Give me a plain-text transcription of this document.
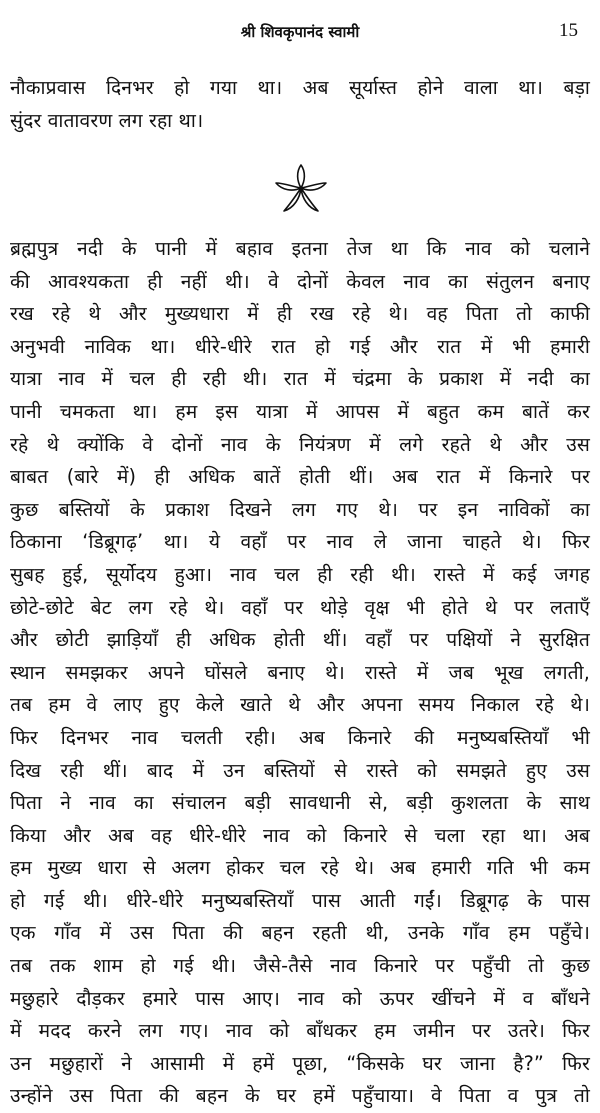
श्री शिवकृपानंद स्वामी	15
नौकाप्रवास दिनभर हो गया था। अब सूर्यास्त होने वाला था। बड़ा
सुंदर वातावरण लग रहा था।
ब्रह्मपुत्र नदी के पानी में बहाव इतना तेज था कि नाव को चलाने
की आवश्यकता ही नहीं थी। वे दोनों केवल नाव का संतुलन बनाए
रख रहे थे और मुख्यधारा में ही रख रहे थे। वह पिता तो काफी
अनुभवी नाविक था। धीरे-धीरे रात हो गई और रात में भी हमारी
यात्रा नाव में चल ही रही थी। रात में चंद्रमा के प्रकाश में नदी का
पानी चमकता था। हम इस यात्रा में आपस में बहुत कम बातें कर
रहे थे क्योंकि वे दोनों नाव के नियंत्रण में लगे रहते थे और उस
बाबत (बारे में) ही अधिक बातें होती थीं। अब रात में किनारे पर
कुछ बस्तियों के प्रकाश दिखने लग गए थे। पर इन नाविकों का
ठिकाना ‘डिब्रूगढ़’ था। ये वहाँ पर नाव ले जाना चाहते थे। फिर
सुबह हुई, सूर्योदय हुआ। नाव चल ही रही थी। रास्ते में कई जगह
छोटे-छोटे बेट लग रहे थे। वहाँ पर थोड़े वृक्ष भी होते थे पर लताएँ
और छोटी झाड़ियाँ ही अधिक होती थीं। वहाँ पर पक्षियों ने सुरक्षित
स्थान समझकर अपने घोंसले बनाए थे। रास्ते में जब भूख लगती,
तब हम वे लाए हुए केले खाते थे और अपना समय निकाल रहे थे।
फिर दिनभर नाव चलती रही। अब किनारे की मनुष्यबस्तियाँ भी
दिख रही थीं। बाद में उन बस्तियों से रास्ते को समझते हुए उस
पिता ने नाव का संचालन बड़ी सावधानी से, बड़ी कुशलता के साथ
किया और अब वह धीरे-धीरे नाव को किनारे से चला रहा था। अब
हम मुख्य धारा से अलग होकर चल रहे थे। अब हमारी गति भी कम
हो गई थी। धीरे-धीरे मनुष्यबस्तियाँ पास आती गईं। डिब्रूगढ़ के पास
एक गाँव में उस पिता की बहन रहती थी, उनके गाँव हम पहुँचे।
तब तक शाम हो गई थी। जैसे-तैसे नाव किनारे पर पहुँची तो कुछ
मछुहारे दौड़कर हमारे पास आए। नाव को ऊपर खींचने में व बाँधने
में मदद करने लग गए। नाव को बाँधकर हम जमीन पर उतरे। फिर
उन मछुहारों ने आसामी में हमें पूछा, “किसके घर जाना है?” फिर
उन्होंने उस पिता की बहन के घर हमें पहुँचाया। वे पिता व पुत्र तो
